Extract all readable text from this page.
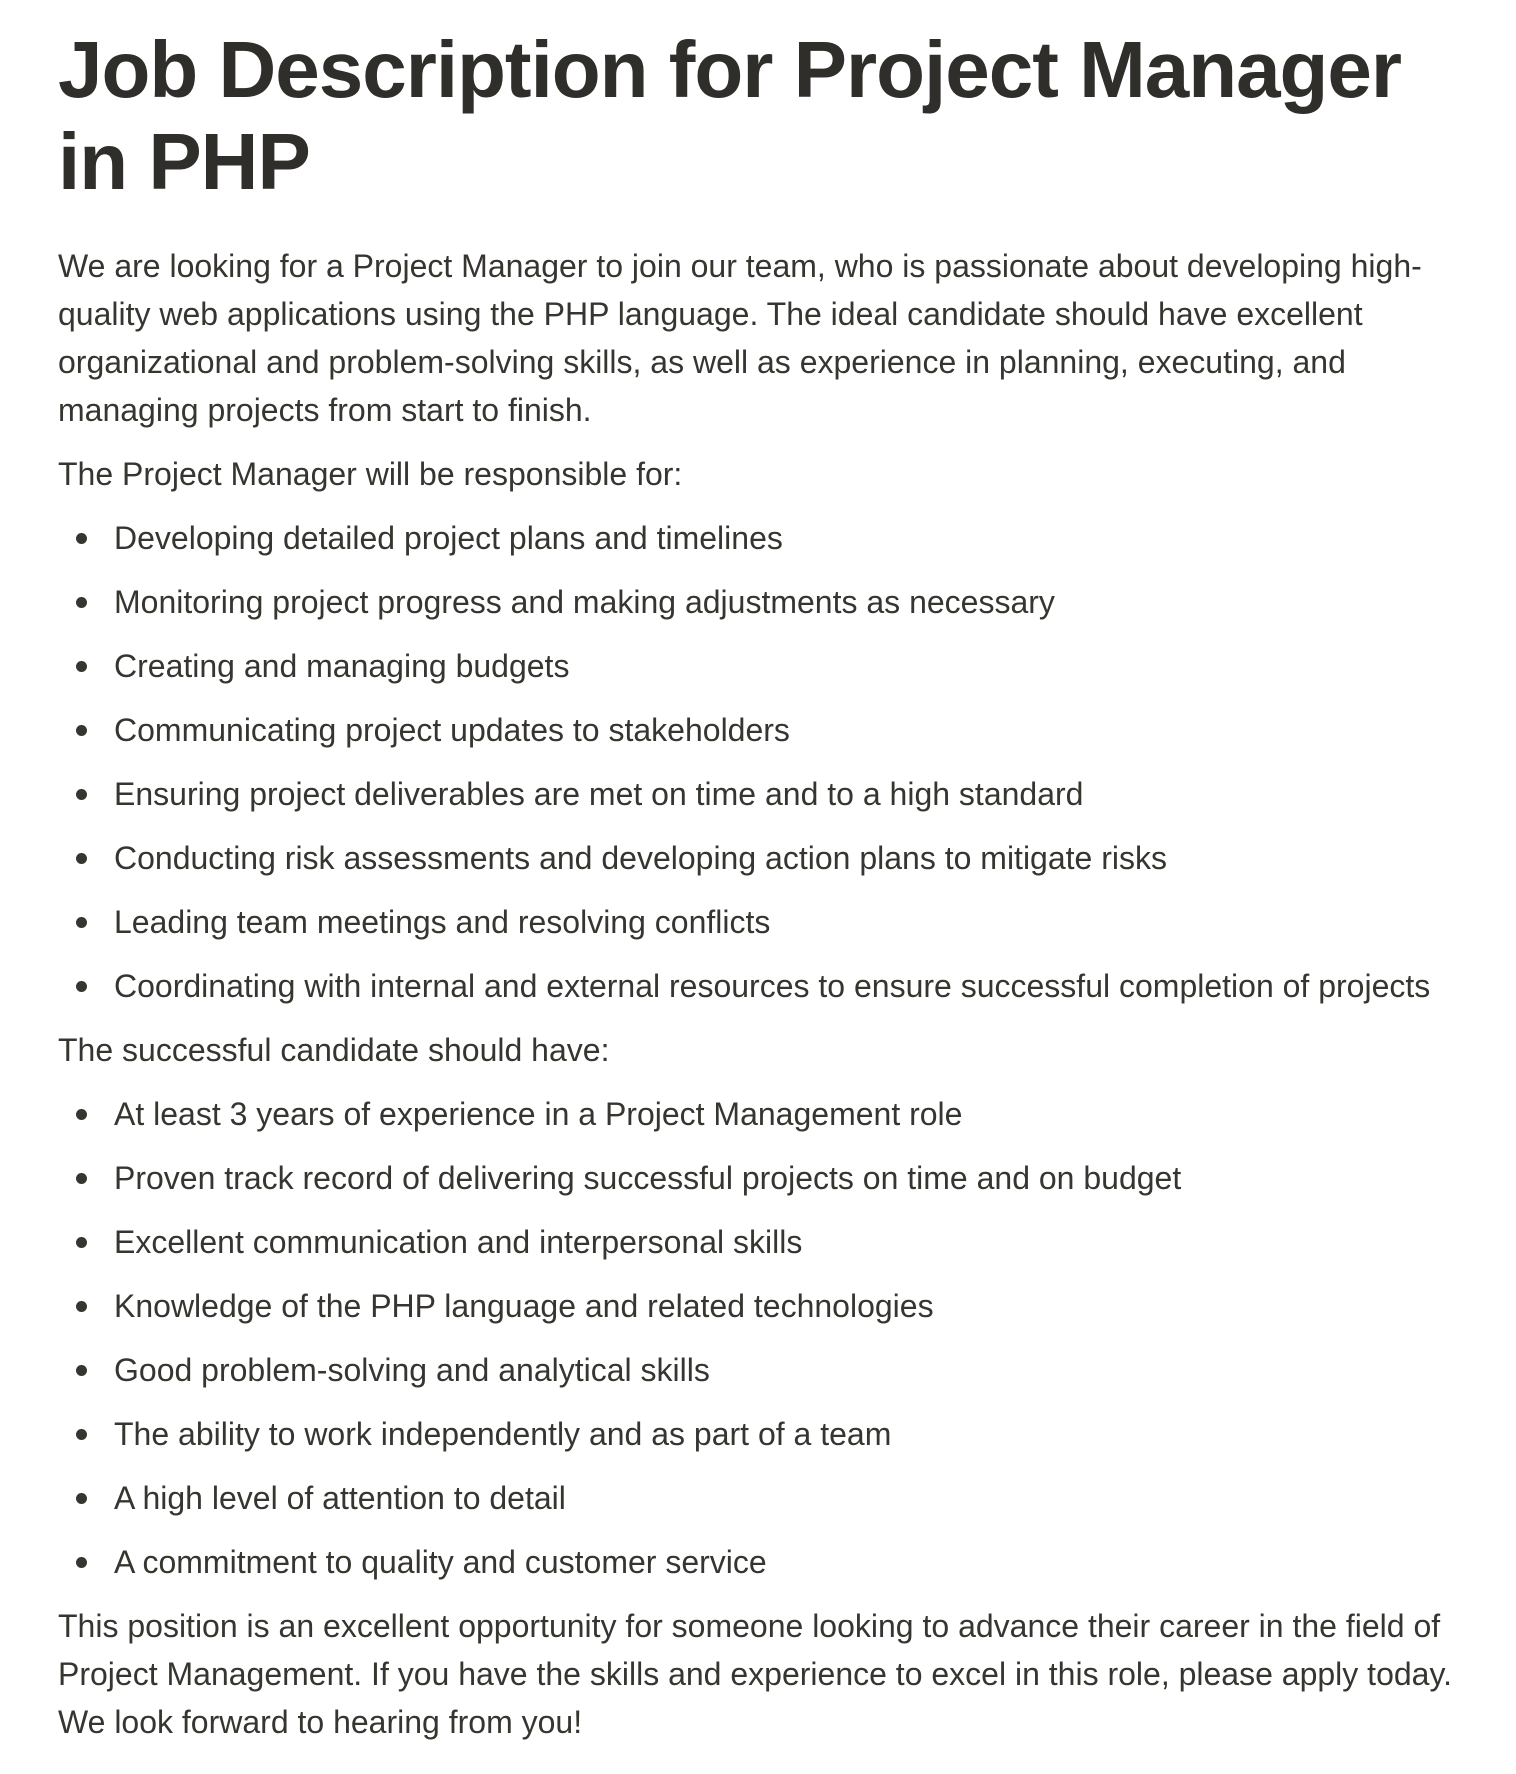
Job Description for Project Manager in PHP

We are looking for a Project Manager to join our team, who is passionate about developing high-quality web applications using the PHP language. The ideal candidate should have excellent organizational and problem-solving skills, as well as experience in planning, executing, and managing projects from start to finish.

The Project Manager will be responsible for:

Developing detailed project plans and timelines
Monitoring project progress and making adjustments as necessary
Creating and managing budgets
Communicating project updates to stakeholders
Ensuring project deliverables are met on time and to a high standard
Conducting risk assessments and developing action plans to mitigate risks
Leading team meetings and resolving conflicts
Coordinating with internal and external resources to ensure successful completion of projects

The successful candidate should have:

At least 3 years of experience in a Project Management role
Proven track record of delivering successful projects on time and on budget
Excellent communication and interpersonal skills
Knowledge of the PHP language and related technologies
Good problem-solving and analytical skills
The ability to work independently and as part of a team
A high level of attention to detail
A commitment to quality and customer service

This position is an excellent opportunity for someone looking to advance their career in the field of Project Management. If you have the skills and experience to excel in this role, please apply today. We look forward to hearing from you!
